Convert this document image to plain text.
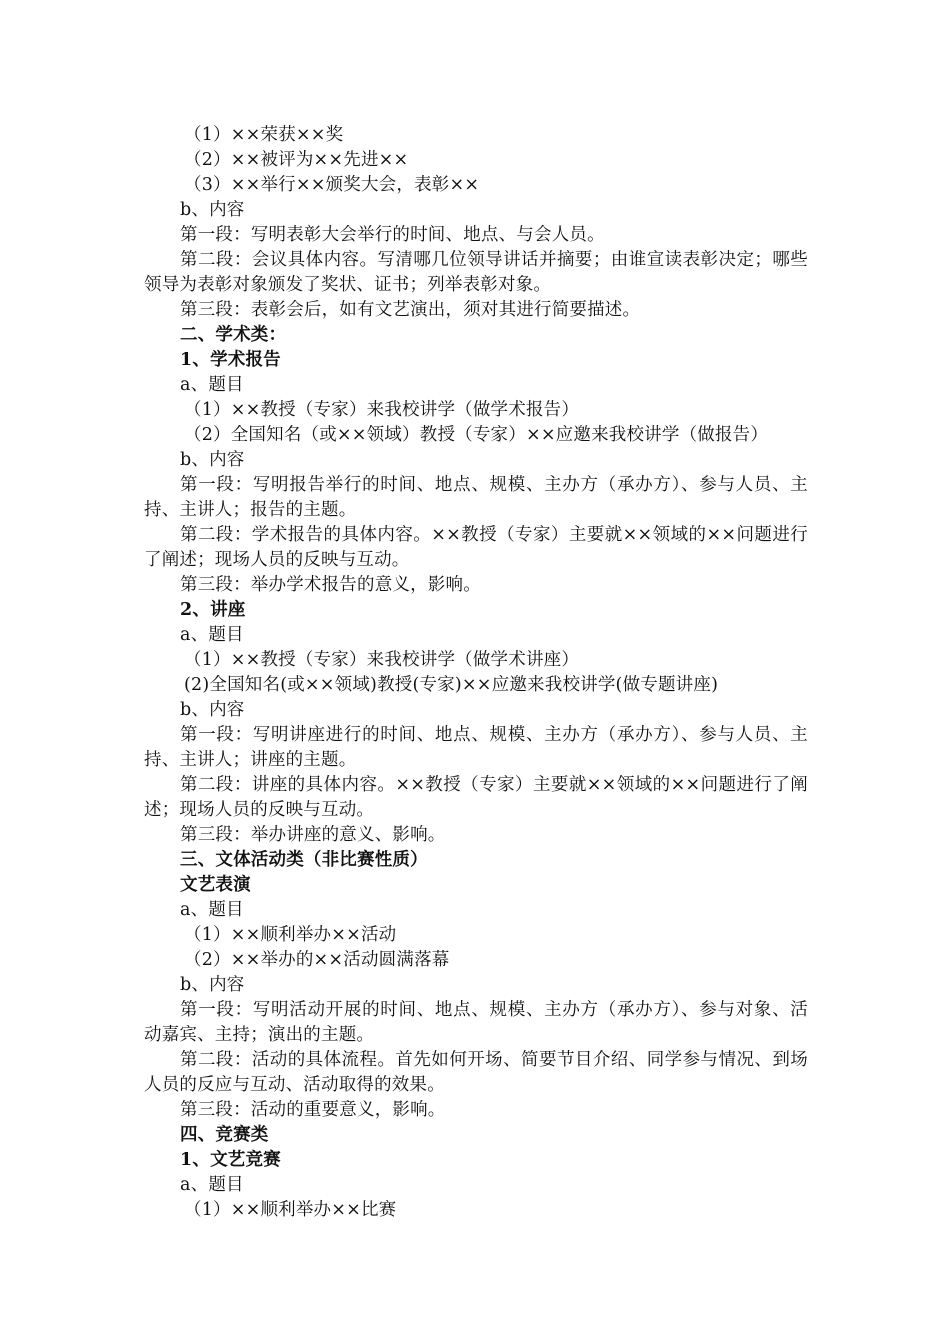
（1）××荣获××奖
（2）××被评为××先进××
（3）××举行××颁奖大会，表彰××
b、内容

第一段：写明表彰大会举行的时间、地点、与会人员。

第二段：会议具体内容。写清哪几位领导讲话并摘要；由谁宣读表彰决定；哪些领导为表彰对象颁发了奖状、证书；列举表彰对象。

第三段：表彰会后，如有文艺演出，须对其进行简要描述。

二、学术类：
1、学术报告
a、题目
（1）××教授（专家）来我校讲学（做学术报告）
（2）全国知名（或××领域）教授（专家）××应邀来我校讲学（做报告）
b、内容

第一段：写明报告举行的时间、地点、规模、主办方（承办方）、参与人员、主持、主讲人；报告的主题。

第二段：学术报告的具体内容。××教授（专家）主要就××领域的××问题进行了阐述；现场人员的反映与互动。

第三段：举办学术报告的意义，影响。

2、讲座
a、题目
（1）××教授（专家）来我校讲学（做学术讲座）
(2)全国知名(或××领域)教授(专家)××应邀来我校讲学(做专题讲座)
b、内容

第一段：写明讲座进行的时间、地点、规模、主办方（承办方）、参与人员、主持、主讲人；讲座的主题。

第二段：讲座的具体内容。××教授（专家）主要就××领域的××问题进行了阐述；现场人员的反映与互动。

第三段：举办讲座的意义、影响。

三、文体活动类（非比赛性质）
文艺表演
a、题目
（1）××顺利举办××活动
（2）××举办的××活动圆满落幕
b、内容

第一段：写明活动开展的时间、地点、规模、主办方（承办方）、参与对象、活动嘉宾、主持；演出的主题。

第二段：活动的具体流程。首先如何开场、简要节目介绍、同学参与情况、到场人员的反应与互动、活动取得的效果。

第三段：活动的重要意义，影响。

四、竞赛类
1、文艺竞赛
a、题目
（1）××顺利举办××比赛
